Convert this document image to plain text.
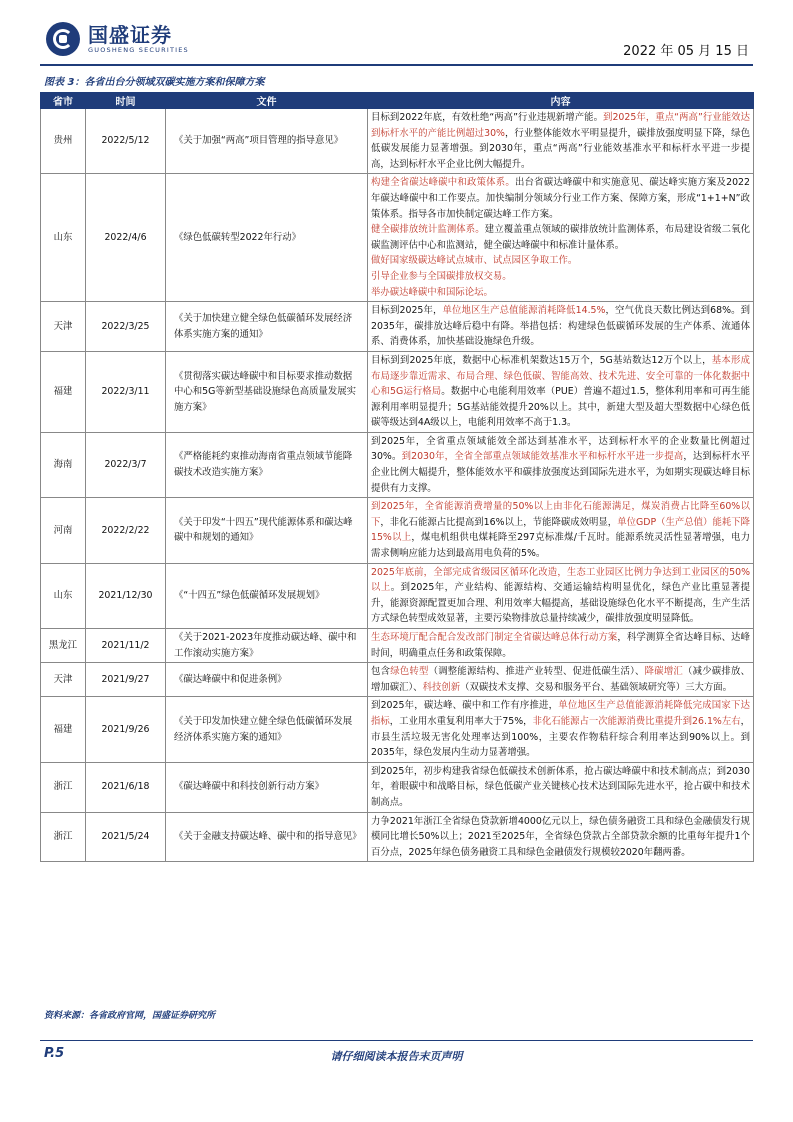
国盛证券
GUOSHENG SECURITIES	2022 年 05 月 15 日
图表 3：各省出台分领域双碳实施方案和保障方案
省市	时间	文件	内容
贵州	2022/5/12	《关于加强“两高”项目管理的指导意见》	目标到2022年底，有效杜绝“两高”行业违规新增产能。到2025年，重点“两高”行业能效达到标杆水平的产能比例超过30%，行业整体能效水平明显提升，碳排放强度明显下降，绿色低碳发展能力显著增强。到2030年，重点“两高”行业能效基准水平和标杆水平进一步提高，达到标杆水平企业比例大幅提升。
山东	2022/4/6	《绿色低碳转型2022年行动》	构建全省碳达峰碳中和政策体系。出台省碳达峰碳中和实施意见、碳达峰实施方案及2022年碳达峰碳中和工作要点。加快编制分领域分行业工作方案、保障方案，形成“1+1+N”政策体系。指导各市加快制定碳达峰工作方案。
健全碳排放统计监测体系。建立覆盖重点领域的碳排放统计监测体系，布局建设省级二氧化碳监测评估中心和监测站，健全碳达峰碳中和标准计量体系。
做好国家级碳达峰试点城市、试点园区争取工作。
引导企业参与全国碳排放权交易。
举办碳达峰碳中和国际论坛。
天津	2022/3/25	《关于加快建立健全绿色低碳循环发展经济体系实施方案的通知》	目标到2025年，单位地区生产总值能源消耗降低14.5%，空气优良天数比例达到68%。到2035年，碳排放达峰后稳中有降。举措包括：构建绿色低碳循环发展的生产体系、流通体系、消费体系，加快基础设施绿色升级。
福建	2022/3/11	《贯彻落实碳达峰碳中和目标要求推动数据中心和5G等新型基础设施绿色高质量发展实施方案》	目标到到2025年底，数据中心标准机架数达15万个，5G基站数达12万个以上，基本形成布局逐步靠近需求、布局合理、绿色低碳、智能高效、技术先进、安全可靠的一体化数据中心和5G运行格局。数据中心电能利用效率（PUE）普遍不超过1.5，整体利用率和可再生能源利用率明显提升；5G基站能效提升20%以上。其中，新建大型及超大型数据中心绿色低碳等级达到4A级以上，电能利用效率不高于1.3。
海南	2022/3/7	《严格能耗约束推动海南省重点领域节能降碳技术改造实施方案》	到2025年，全省重点领域能效全部达到基准水平，达到标杆水平的企业数量比例超过30%。到2030年，全省全部重点领域能效基准水平和标杆水平进一步提高，达到标杆水平企业比例大幅提升，整体能效水平和碳排放强度达到国际先进水平，为如期实现碳达峰目标提供有力支撑。
河南	2022/2/22	《关于印发“十四五”现代能源体系和碳达峰碳中和规划的通知》	到2025年，全省能源消费增量的50%以上由非化石能源满足，煤炭消费占比降至60%以下，非化石能源占比提高到16%以上，节能降碳成效明显，单位GDP（生产总值）能耗下降15%以上，煤电机组供电煤耗降至297克标准煤/千瓦时。能源系统灵活性显著增强，电力需求侧响应能力达到最高用电负荷的5%。
山东	2021/12/30	《“十四五”绿色低碳循环发展规划》	2025年底前，全部完成省级园区循环化改造，生态工业园区比例力争达到工业园区的50%以上。到2025年，产业结构、能源结构、交通运输结构明显优化，绿色产业比重显著提升，能源资源配置更加合理、利用效率大幅提高，基础设施绿色化水平不断提高，生产生活方式绿色转型成效显著，主要污染物排放总量持续减少，碳排放强度明显降低。
黑龙江	2021/11/2	《关于2021-2023年度推动碳达峰、碳中和工作滚动实施方案》	生态环境厅配合配合发改部门制定全省碳达峰总体行动方案，科学测算全省达峰目标、达峰时间，明确重点任务和政策保障。
天津	2021/9/27	《碳达峰碳中和促进条例》	包含绿色转型（调整能源结构、推进产业转型、促进低碳生活）、降碳增汇（减少碳排放、增加碳汇）、科技创新（双碳技术支撑、交易和服务平台、基础领域研究等）三大方面。
福建	2021/9/26	《关于印发加快建立健全绿色低碳循环发展经济体系实施方案的通知》	到2025年，碳达峰、碳中和工作有序推进，单位地区生产总值能源消耗降低完成国家下达指标，工业用水重复利用率大于75%，非化石能源占一次能源消费比重提升到26.1%左右，市县生活垃圾无害化处理率达到100%，主要农作物秸秆综合利用率达到90%以上。到2035年，绿色发展内生动力显著增强。
浙江	2021/6/18	《碳达峰碳中和科技创新行动方案》	到2025年，初步构建我省绿色低碳技术创新体系，抢占碳达峰碳中和技术制高点；到2030年，着眼碳中和战略目标，绿色低碳产业关键核心技术达到国际先进水平，抢占碳中和技术制高点。
浙江	2021/5/24	《关于金融支持碳达峰、碳中和的指导意见》	力争2021年浙江全省绿色贷款新增4000亿元以上，绿色债务融资工具和绿色金融债发行规模同比增长50%以上；2021至2025年，全省绿色贷款占全部贷款余额的比重每年提升1个百分点，2025年绿色债务融资工具和绿色金融债发行规模较2020年翻两番。
资料来源：各省政府官网，国盛证券研究所
P.5	请仔细阅读本报告末页声明
